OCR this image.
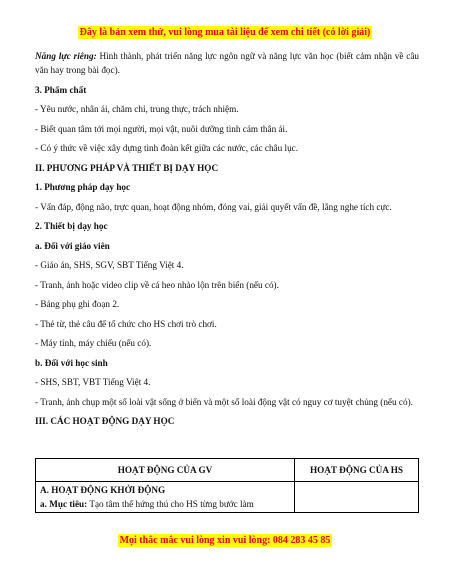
Đây là bản xem thử, vui lòng mua tài liệu để xem chi tiết (có lời giải)

Năng lực riêng: Hình thành, phát triển năng lực ngôn ngữ và năng lực văn học (biết cảm nhận về câu văn hay trong bài đọc).

3. Phẩm chất

- Yêu nước, nhân ái, chăm chỉ, trung thực, trách nhiệm.

- Biết quan tâm tới mọi người, mọi vật, nuôi dưỡng tình cảm thân ái.

- Có ý thức về việc xây dựng tình đoàn kết giữa các nước, các châu lục.

II. PHƯƠNG PHÁP VÀ THIẾT BỊ DẠY HỌC

1. Phương pháp dạy học

- Vấn đáp, động não, trực quan, hoạt động nhóm, đóng vai, giải quyết vấn đề, lắng nghe tích cực.

2. Thiết bị dạy học

a. Đối với giáo viên

- Giáo án, SHS, SGV, SBT Tiếng Việt 4.

- Tranh, ảnh hoặc video clip về cá heo nhào lộn trên biển (nếu có).

- Bảng phụ ghi đoạn 2.

- Thẻ từ, thẻ câu để tổ chức cho HS chơi trò chơi.

- Máy tính, máy chiếu (nếu có).

b. Đối với học sinh

- SHS, SBT, VBT Tiếng Việt 4.

- Tranh, ảnh chụp một số loài vật sống ở biển và một số loài động vật có nguy cơ tuyệt chủng (nếu có).

III. CÁC HOẠT ĐỘNG DẠY HỌC

HOẠT ĐỘNG CỦA GV	HOẠT ĐỘNG CỦA HS

A. HOẠT ĐỘNG KHỞI ĐỘNG
a. Mục tiêu: Tạo tâm thế hứng thú cho HS từng bước làm	

Mọi thắc mắc vui lòng xin vui lòng: 084 283 45 85
